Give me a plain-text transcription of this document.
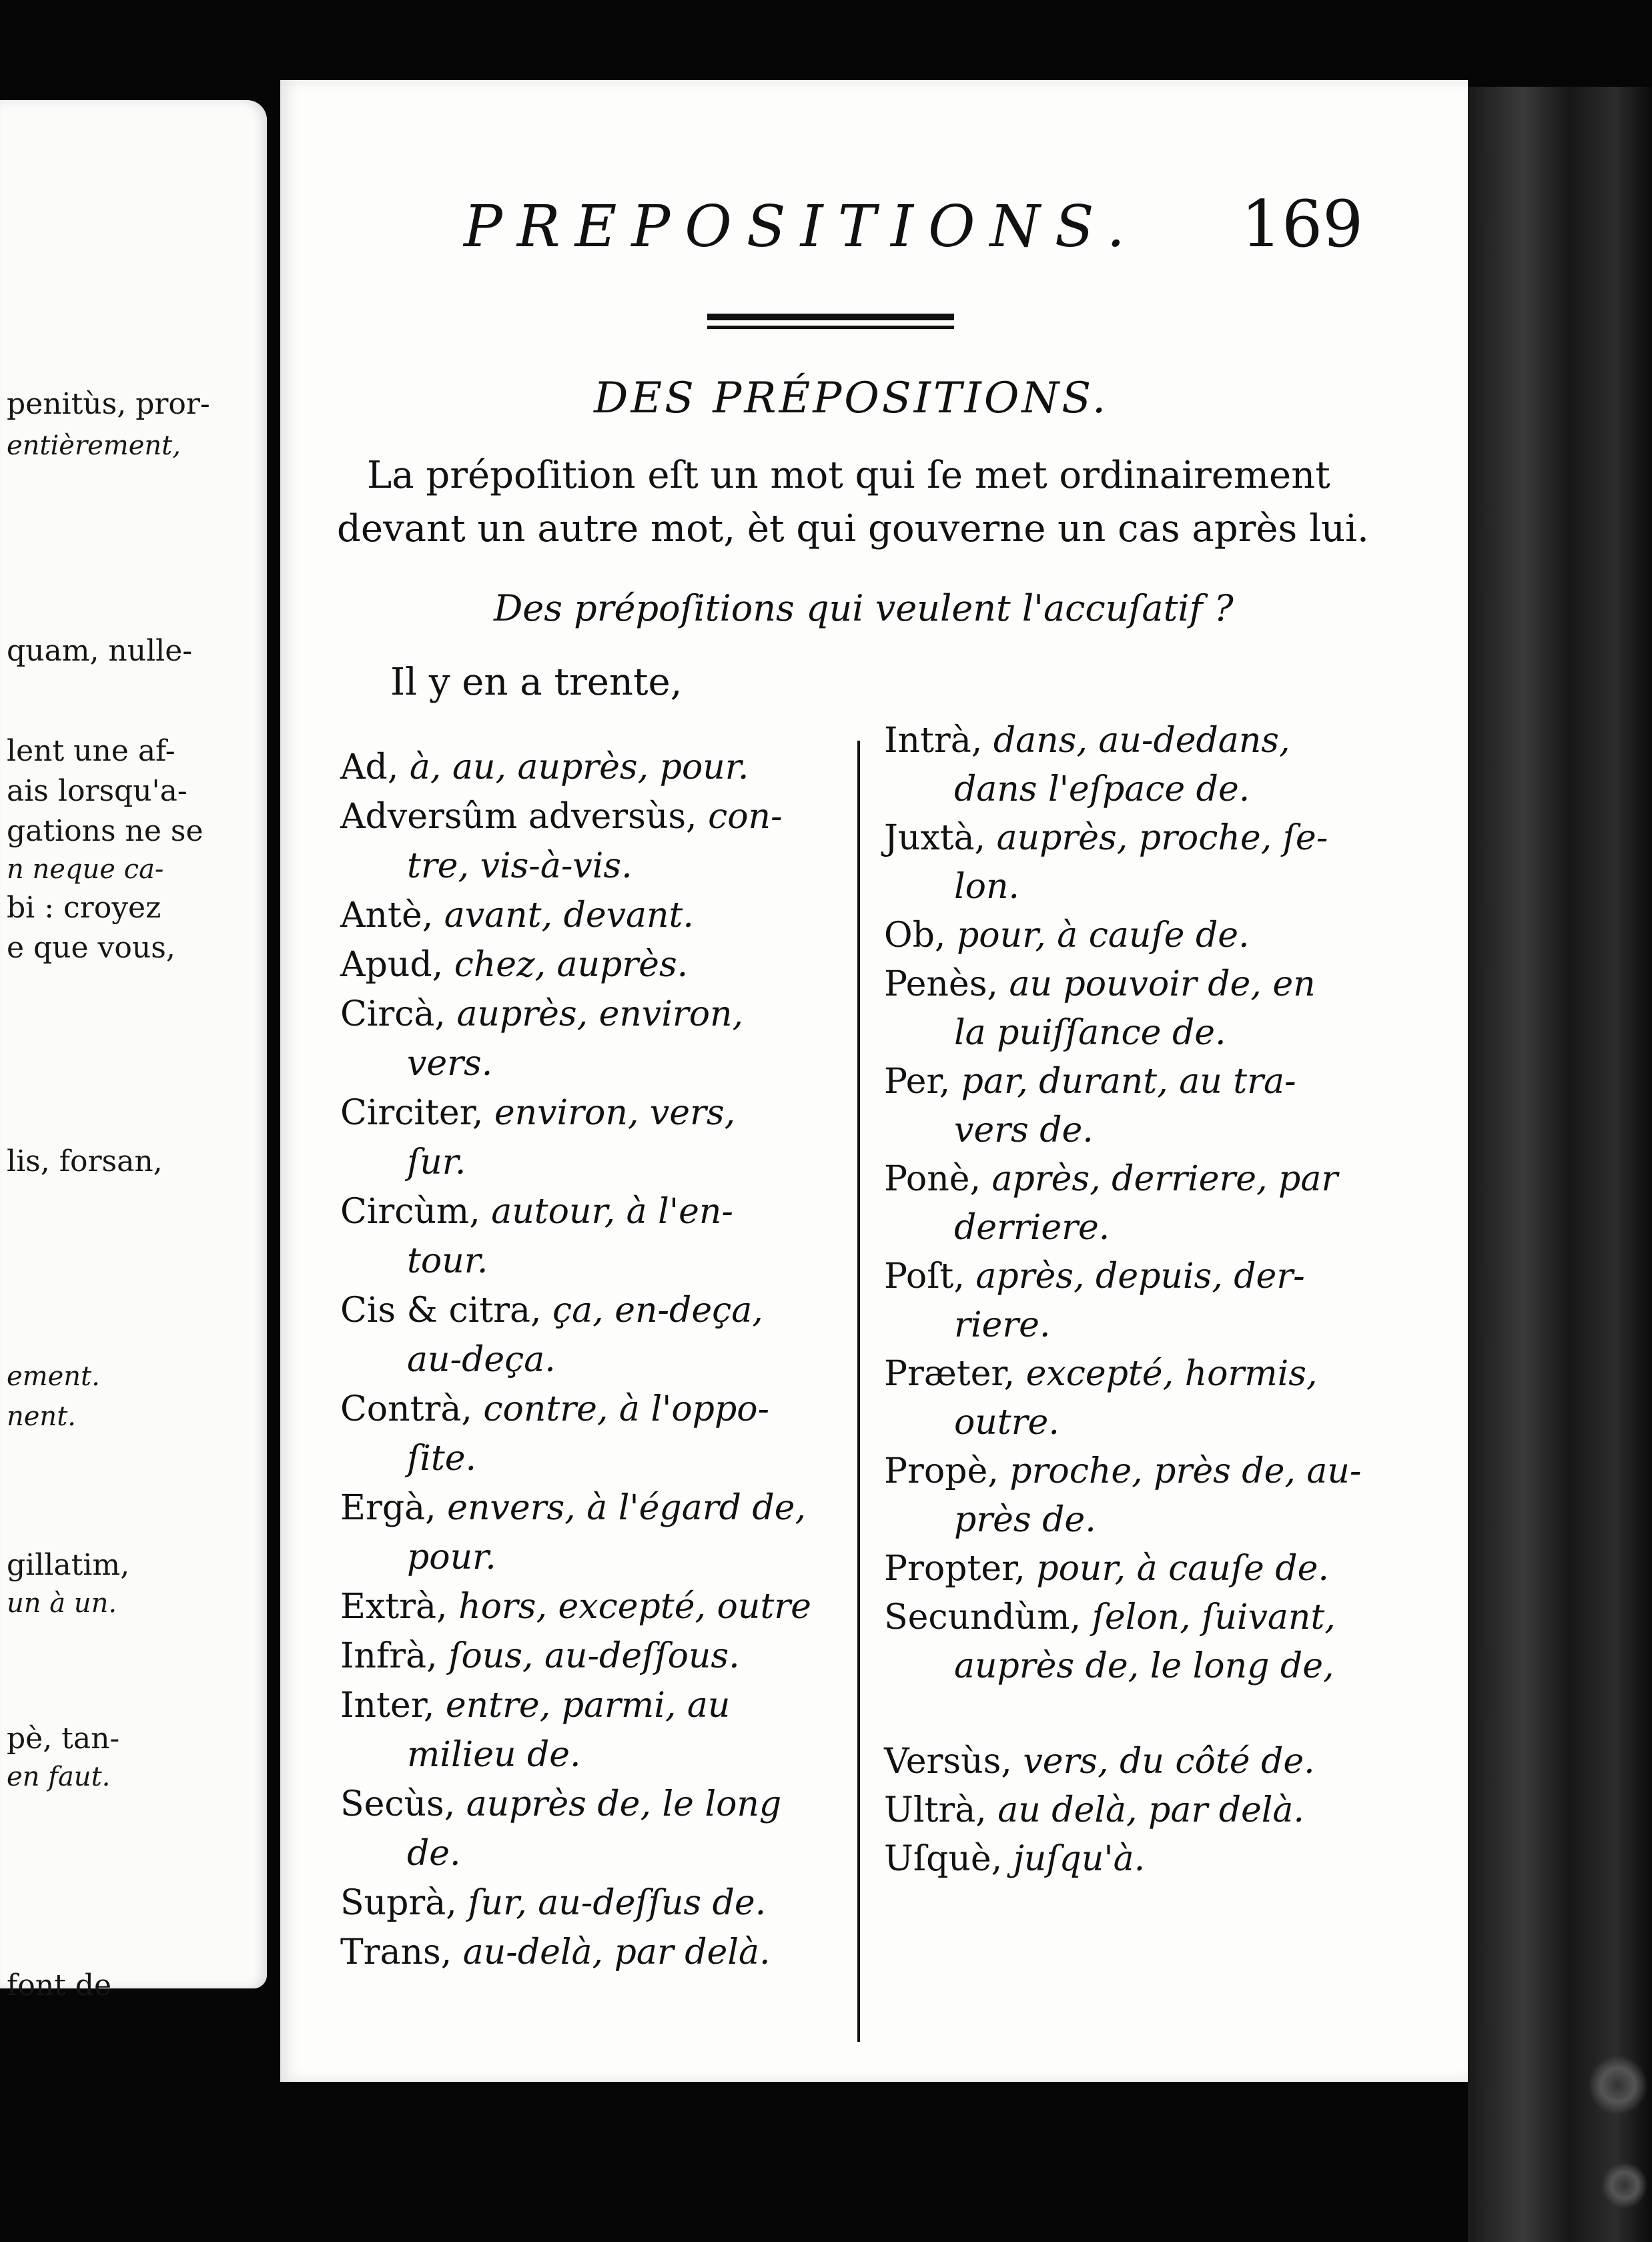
penitùs, pror-
entièrement,
quam, nulle-
lent une af-
ais lorsqu'a-
gations ne se
n neque ca-
bi : croyez
e que vous,
lis, forsan,
ement.
nent.
gillatim,
un à un.
pè, tan-
en faut.
font de
PREPOSITIONS. 169
DES PRÉPOSITIONS.
La prépoſition eſt un mot qui ſe met ordinairement
devant un autre mot, èt qui gouverne un cas après lui.
Des prépoſitions qui veulent l'accuſatif ?
Il y en a trente,
Ad, à, au, auprès, pour.
Adversûm adversùs, con-
tre, vis-à-vis.
Antè, avant, devant.
Apud, chez, auprès.
Circà, auprès, environ,
vers.
Circiter, environ, vers,
ſur.
Circùm, autour, à l'en-
tour.
Cis & citra, ça, en-deça,
au-deça.
Contrà, contre, à l'oppo-
ſite.
Ergà, envers, à l'égard de,
pour.
Extrà, hors, excepté, outre
Infrà, ſous, au-deſſous.
Inter, entre, parmi, au
milieu de.
Secùs, auprès de, le long
de.
Suprà, ſur, au-deſſus de.
Trans, au-delà, par delà.
Intrà, dans, au-dedans,
dans l'eſpace de.
Juxtà, auprès, proche, ſe-
lon.
Ob, pour, à cauſe de.
Penès, au pouvoir de, en
la puiſſance de.
Per, par, durant, au tra-
vers de.
Ponè, après, derriere, par
derriere.
Poſt, après, depuis, der-
riere.
Præter, excepté, hormis,
outre.
Propè, proche, près de, au-
près de.
Propter, pour, à cauſe de.
Secundùm, ſelon, ſuivant,
auprès de, le long de,
Versùs, vers, du côté de.
Ultrà, au delà, par delà.
Uſquè, juſqu'à.
